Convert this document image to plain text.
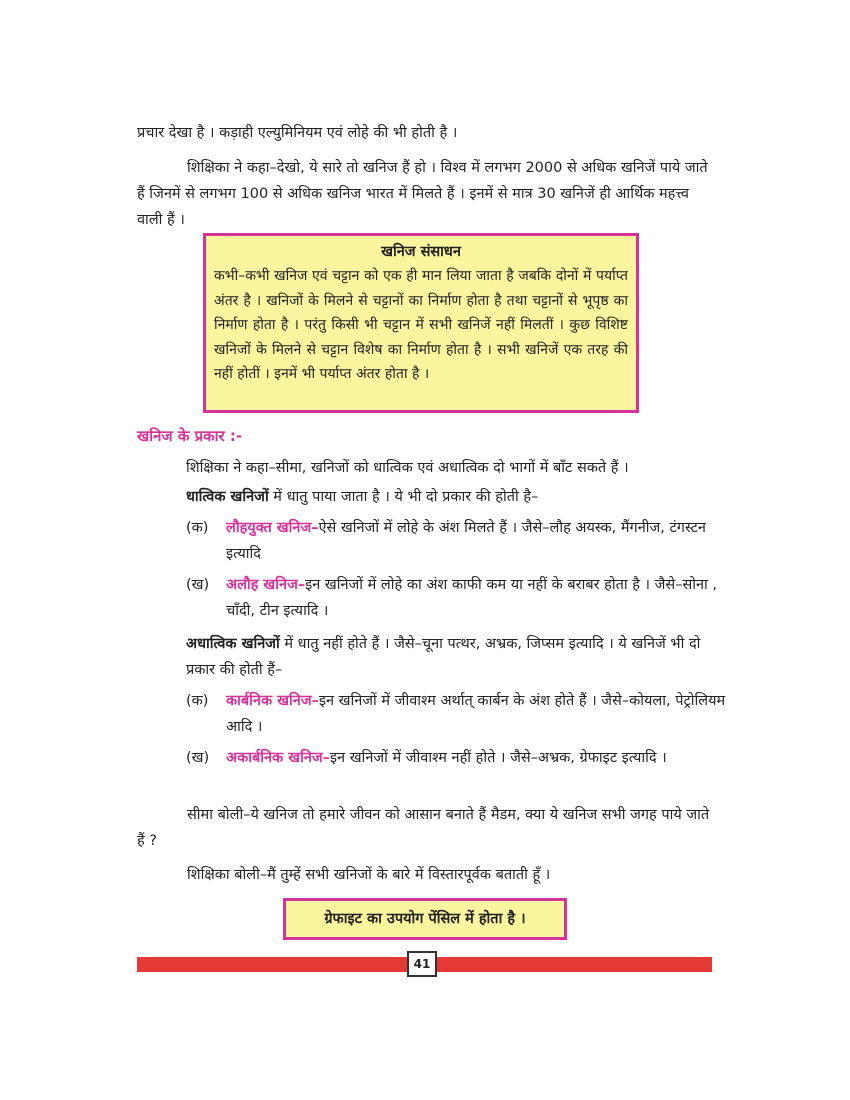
प्रचार देखा है । कड़ाही एल्युमिनियम एवं लोहे की भी होती है ।

शिक्षिका ने कहा–देखो, ये सारे तो खनिज हैं हो । विश्व में लगभग 2000 से अधिक खनिजें पाये जाते हैं जिनमें से लगभग 100 से अधिक खनिज भारत में मिलते हैं । इनमें से मात्र 30 खनिजें ही आर्थिक महत्त्व वाली हैं ।

खनिज संसाधन

कभी–कभी खनिज एवं चट्टान को एक ही मान लिया जाता है जबकि दोनों में पर्याप्त अंतर है । खनिजों के मिलने से चट्टानों का निर्माण होता है तथा चट्टानों से भूपृष्ठ का निर्माण होता है । परंतु किसी भी चट्टान में सभी खनिजें नहीं मिलतीं । कुछ विशिष्ट खनिजों के मिलने से चट्टान विशेष का निर्माण होता है । सभी खनिजें एक तरह की नहीं होतीं । इनमें भी पर्याप्त अंतर होता है ।

खनिज के प्रकार :-

शिक्षिका ने कहा–सीमा, खनिजों को धात्विक एवं अधात्विक दो भागों में बाँट सकते हैं ।

धात्विक खनिजों में धातु पाया जाता है । ये भी दो प्रकार की होती है–

(क)	लौहयुक्त खनिज–ऐसे खनिजों में लोहे के अंश मिलते हैं । जैसे–लौह अयस्क, मैंगनीज, टंगस्टन इत्यादि
(ख)	अलौह खनिज–इन खनिजों में लोहे का अंश काफी कम या नहीं के बराबर होता है । जैसे–सोना , चाँदी, टीन इत्यादि ।

अधात्विक खनिजों में धातु नहीं होते हैं । जैसे–चूना पत्थर, अभ्रक, जिप्सम इत्यादि । ये खनिजें भी दो प्रकार की होती हैं–

(क)	कार्बनिक खनिज–इन खनिजों में जीवाश्म अर्थात् कार्बन के अंश होते हैं । जैसे–कोयला, पेट्रोलियम आदि ।
(ख)	अकार्बनिक खनिज–इन खनिजों में जीवाश्म नहीं होते । जैसे–अभ्रक, ग्रेफाइट इत्यादि ।

सीमा बोली–ये खनिज तो हमारे जीवन को आसान बनाते हैं मैडम, क्या ये खनिज सभी जगह पाये जाते हैं ?

शिक्षिका बोली–मैं तुम्हें सभी खनिजों के बारे में विस्तारपूर्वक बताती हूँ ।

ग्रेफाइट का उपयोग पेंसिल में होता है ।
41
